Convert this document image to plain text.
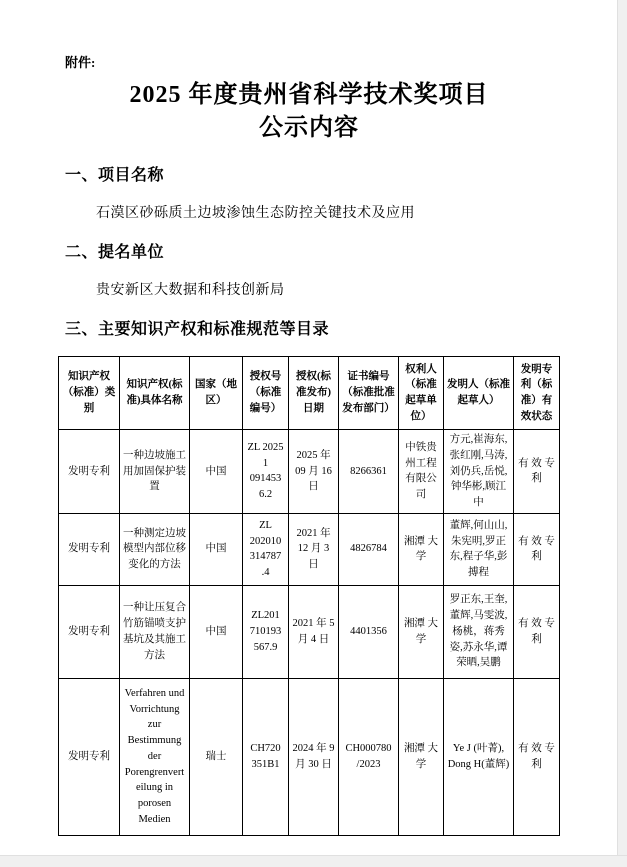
附件:
2025 年度贵州省科学技术奖项目
公示内容
一、项目名称
石漠区砂砾质土边坡渗蚀生态防控关键技术及应用
二、提名单位
贵安新区大数据和科技创新局
三、主要知识产权和标准规范等目录
知识产权（标准）类别	知识产权(标准)具体名称	国家（地区）	授权号（标准编号）	授权(标准发布)日期	证书编号（标准批准发布部门）	权利人（标准起草单位）	发明人（标准起草人）	发明专利（标准）有效状态
发明专利	一种边坡施工用加固保护装置	中国	ZL 2025 1 091453 6.2	2025 年 09 月 16 日	8266361	中铁贵州工程有限公司	方元,崔海东,张红刚,马涛,刘仍兵,岳悦,钟华彬,顾江中	有 效 专利
发明专利	一种测定边坡模型内部位移变化的方法	中国	ZL 202010 314787 .4	2021 年 12 月 3 日	4826784	湘潭 大学	董辉,何山山,朱宪明,罗正东,程子华,彭搏程	有 效 专利
发明专利	一种让压复合竹筋锚喷支护基坑及其施工方法	中国	ZL201 710193 567.9	2021 年 5 月 4 日	4401356	湘潭 大学	罗正东,王奎,董辉,马雯波,杨桃，蒋秀姿,苏永华,谭荣晒,吴鹏	有 效 专利
发明专利	Verfahren und Vorrichtung zur Bestimmung der Porengrenverteilung in porosen Medien	瑞士	CH720 351B1	2024 年 9 月 30 日	CH000780 /2023	湘潭 大学	Ye J (叶菁), Dong H(董辉)	有 效 专利
